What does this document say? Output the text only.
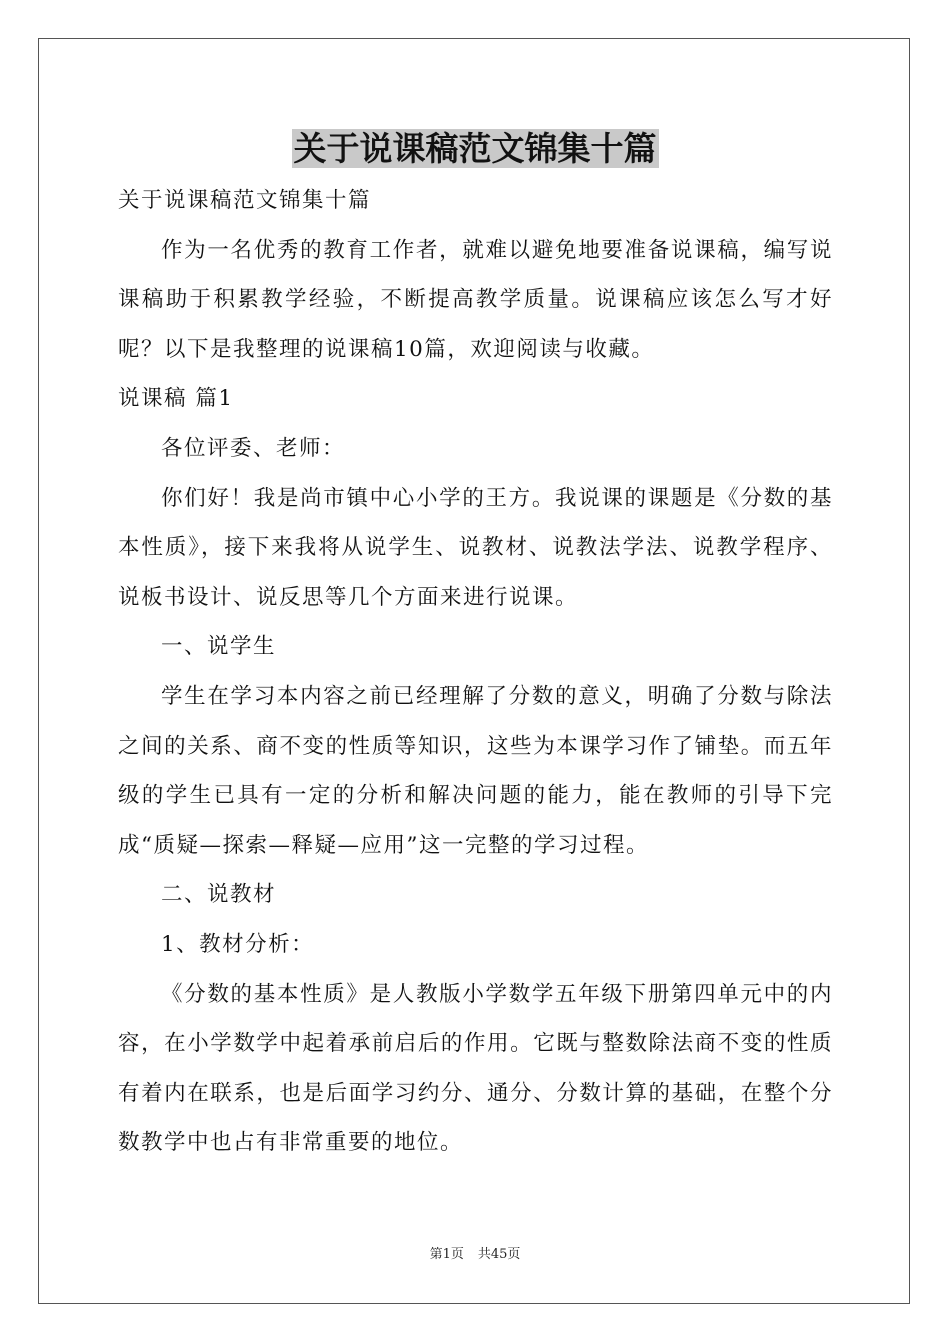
关于说课稿范文锦集十篇

关于说课稿范文锦集十篇

作为一名优秀的教育工作者，就难以避免地要准备说课稿，编写说课稿助于积累教学经验，不断提高教学质量。说课稿应该怎么写才好呢？以下是我整理的说课稿10篇，欢迎阅读与收藏。

说课稿 篇1

各位评委、老师：

你们好！我是尚市镇中心小学的王方。我说课的课题是《分数的基本性质》，接下来我将从说学生、说教材、说教法学法、说教学程序、说板书设计、说反思等几个方面来进行说课。

一、说学生

学生在学习本内容之前已经理解了分数的意义，明确了分数与除法之间的关系、商不变的性质等知识，这些为本课学习作了铺垫。而五年级的学生已具有一定的分析和解决问题的能力，能在教师的引导下完成“质疑—探索—释疑—应用”这一完整的学习过程。

二、说教材

1、教材分析：

《分数的基本性质》是人教版小学数学五年级下册第四单元中的内容，在小学数学中起着承前启后的作用。它既与整数除法商不变的性质有着内在联系，也是后面学习约分、通分、分数计算的基础，在整个分数教学中也占有非常重要的地位。

第1页 共45页
